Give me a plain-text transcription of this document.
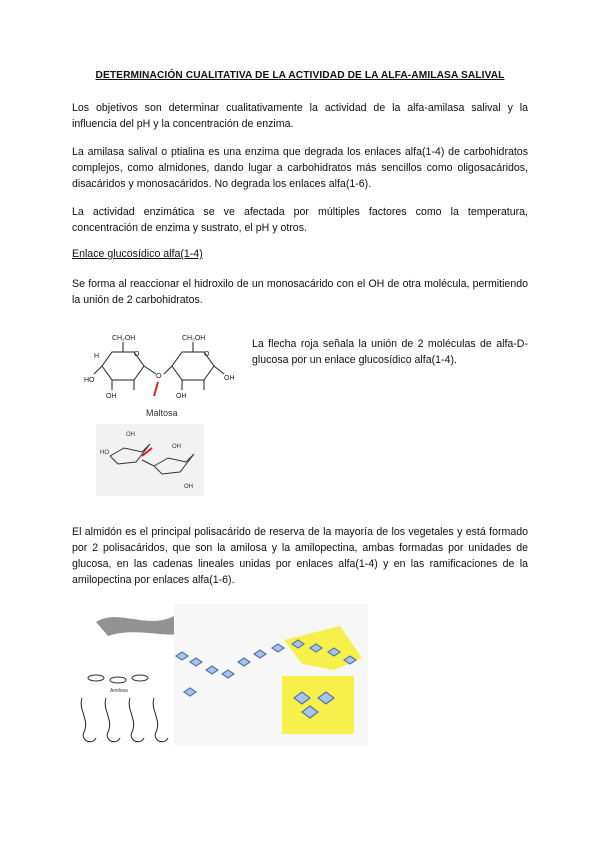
DETERMINACIÓN CUALITATIVA DE LA ACTIVIDAD DE LA ALFA-AMILASA SALIVAL

Los objetivos son determinar cualitativamente la actividad de la alfa-amilasa salival y la influencia del pH y la concentración de enzima.

La amilasa salival o ptialina es una enzima que degrada los enlaces alfa(1-4) de carbohidratos complejos, como almidones, dando lugar a carbohidratos más sencillos como oligosacáridos, disacáridos y monosacáridos. No degrada los enlaces alfa(1-6).

La actividad enzimática se ve afectada por múltiples factores como la temperatura, concentración de enzima y sustrato, el pH y otros.

Enlace glucosídico alfa(1-4)

Se forma al reaccionar el hidroxilo de un monosacárido con el OH de otra molécula, permitiendo la unión de 2 carbohidratos.

La flecha roja señala la unión de 2 moléculas de alfa-D-glucosa por un enlace glucosídico alfa(1-4).

CH₂OH	CH₂OH
O	O
O
H
OH
HO
OH	OH
Maltosa
OH
HO
OH
OH

El almidón es el principal polisacárido de reserva de la mayoría de los vegetales y está formado por 2 polisacáridos, que son la amilosa y la amilopectina, ambas formadas por unidades de glucosa, en las cadenas lineales unidas por enlaces alfa(1-4) y en las ramificaciones de la amilopectina por enlaces alfa(1-6).

Amilosa
